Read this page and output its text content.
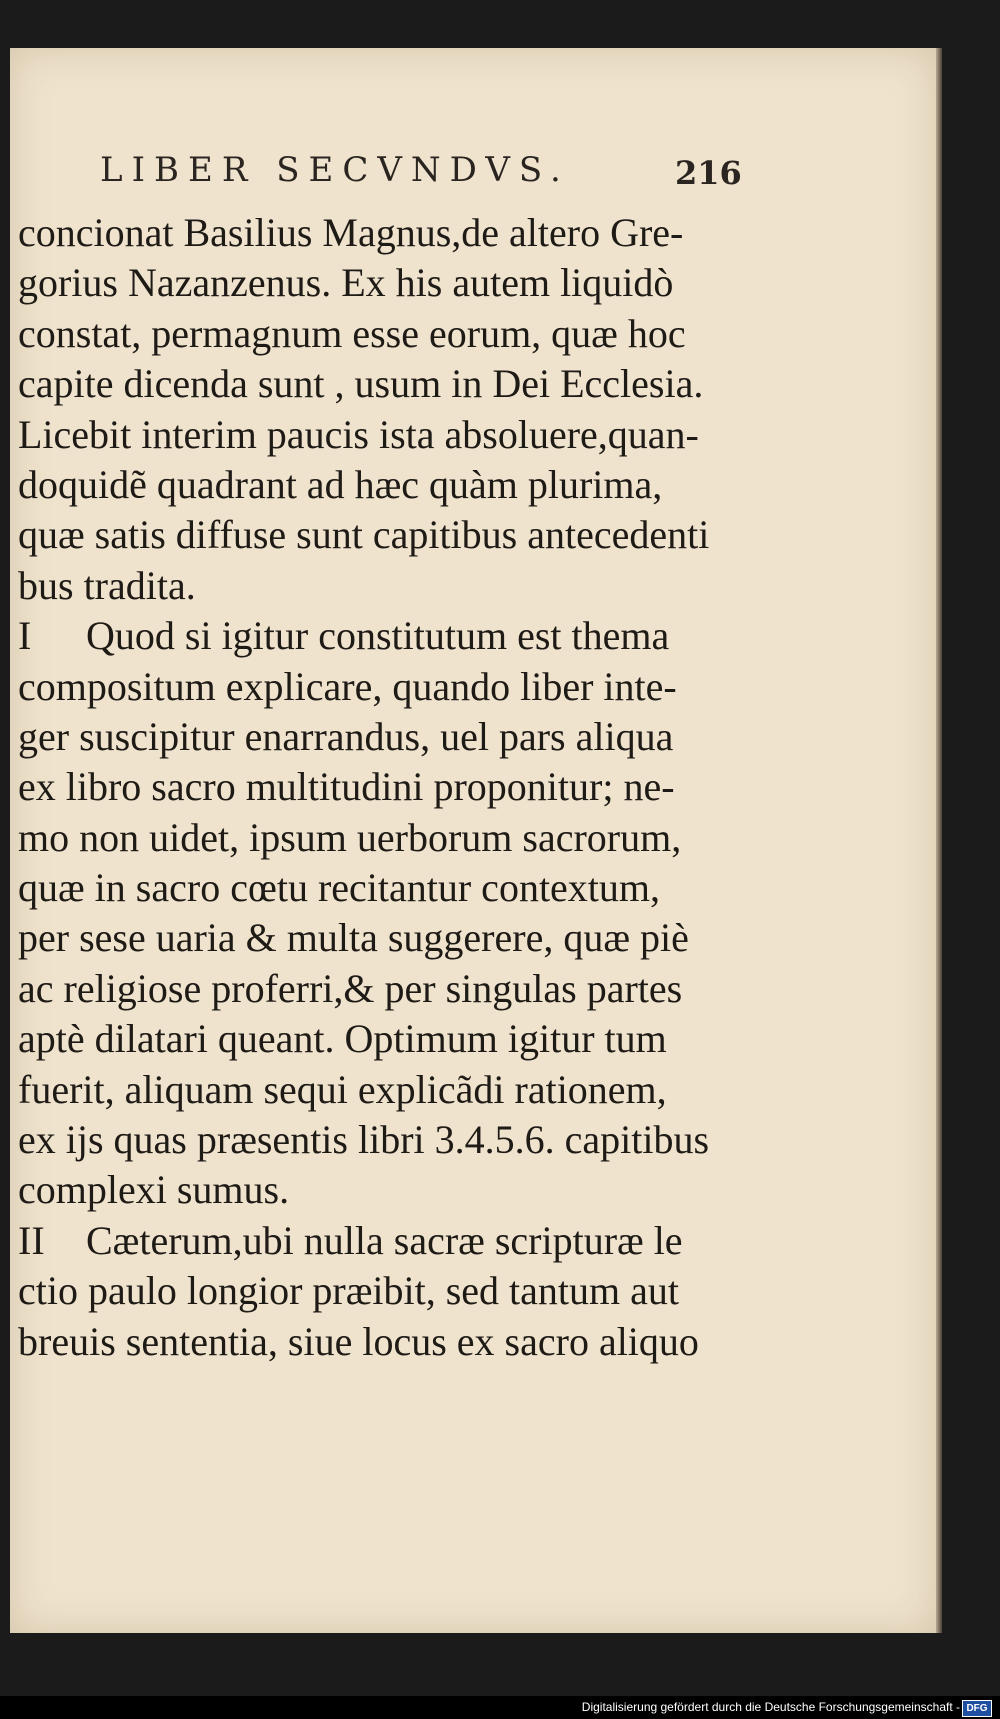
LIBER SECVNDVS.	216
concionat Basilius Magnus,de altero Gre-
gorius Nazanzenus. Ex his autem liquidò
constat, permagnum esse eorum, quæ hoc
capite dicenda sunt , usum in Dei Ecclesia.
Licebit interim paucis ista absoluere,quan-
doquidẽ quadrant ad hæc quàm plurima,
quæ satis diffuse sunt capitibus antecedenti
bus tradita.
I Quod si igitur constitutum est thema
compositum explicare, quando liber inte-
ger suscipitur enarrandus, uel pars aliqua
ex libro sacro multitudini proponitur; ne-
mo non uidet, ipsum uerborum sacrorum,
quæ in sacro cœtu recitantur contextum,
per sese uaria & multa suggerere, quæ piè
ac religiose proferri,& per singulas partes
aptè dilatari queant. Optimum igitur tum
fuerit, aliquam sequi explicãdi rationem,
ex ijs quas præsentis libri 3.4.5.6. capitibus
complexi sumus.
II Cæterum,ubi nulla sacræ scripturæ le
ctio paulo longior præibit, sed tantum aut
breuis sententia, siue locus ex sacro aliquo
Digitalisierung gefördert durch die Deutsche Forschungsgemeinschaft - DFG
